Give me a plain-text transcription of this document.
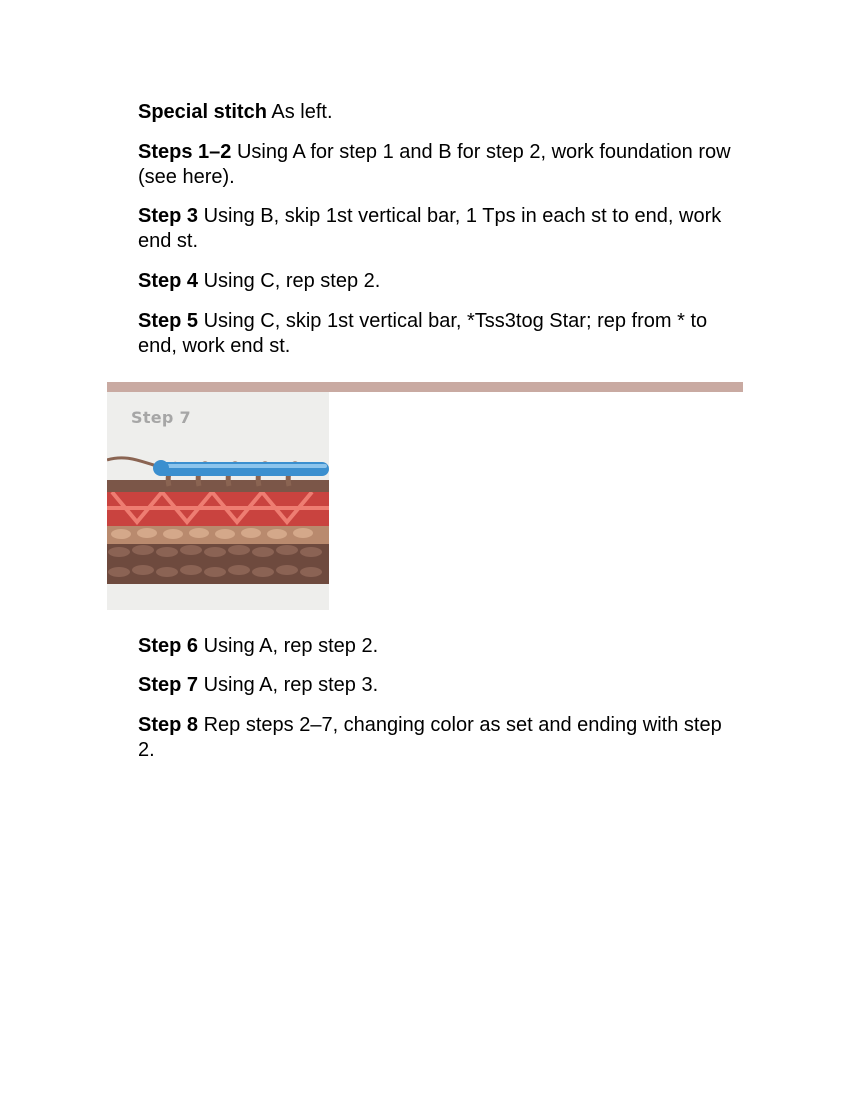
Special stitch As left.

Steps 1–2 Using A for step 1 and B for step 2, work foundation row (see here).

Step 3 Using B, skip 1st vertical bar, 1 Tps in each st to end, work end st.

Step 4 Using C, rep step 2.

Step 5 Using C, skip 1st vertical bar, *Tss3tog Star; rep from * to end, work end st.

Step 7

Step 6 Using A, rep step 2.

Step 7 Using A, rep step 3.

Step 8 Rep steps 2–7, changing color as set and ending with step 2.
